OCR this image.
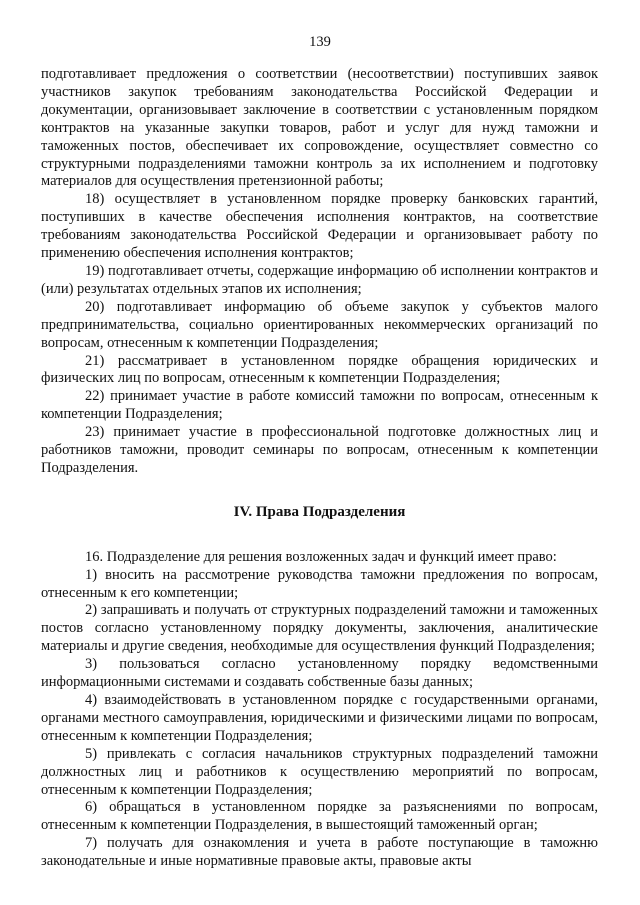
139

подготавливает предложения о соответствии (несоответствии) поступивших заявок участников закупок требованиям законодательства Российской Федерации и документации, организовывает заключение в соответствии с установленным порядком контрактов на указанные закупки товаров, работ и услуг для нужд таможни и таможенных постов, обеспечивает их сопровождение, осуществляет совместно со структурными подразделениями таможни контроль за их исполнением и подготовку материалов для осуществления претензионной работы;

18) осуществляет в установленном порядке проверку банковских гарантий, поступивших в качестве обеспечения исполнения контрактов, на соответствие требованиям законодательства Российской Федерации и организовывает работу по применению обеспечения исполнения контрактов;

19) подготавливает отчеты, содержащие информацию об исполнении контрактов и (или) результатах отдельных этапов их исполнения;

20) подготавливает информацию об объеме закупок у субъектов малого предпринимательства, социально ориентированных некоммерческих организаций по вопросам, отнесенным к компетенции Подразделения;

21) рассматривает в установленном порядке обращения юридических и физических лиц по вопросам, отнесенным к компетенции Подразделения;

22) принимает участие в работе комиссий таможни по вопросам, отнесенным к компетенции Подразделения;

23) принимает участие в профессиональной подготовке должностных лиц и работников таможни, проводит семинары по вопросам, отнесенным к компетенции Подразделения.

IV. Права Подразделения

16. Подразделение для решения возложенных задач и функций имеет право:

1) вносить на рассмотрение руководства таможни предложения по вопросам, отнесенным к его компетенции;

2) запрашивать и получать от структурных подразделений таможни и таможенных постов согласно установленному порядку документы, заключения, аналитические материалы и другие сведения, необходимые для осуществления функций Подразделения;

3) пользоваться согласно установленному порядку ведомственными информационными системами и создавать собственные базы данных;

4) взаимодействовать в установленном порядке с государственными органами, органами местного самоуправления, юридическими и физическими лицами по вопросам, отнесенным к компетенции Подразделения;

5) привлекать с согласия начальников структурных подразделений таможни должностных лиц и работников к осуществлению мероприятий по вопросам, отнесенным к компетенции Подразделения;

6) обращаться в установленном порядке за разъяснениями по вопросам, отнесенным к компетенции Подразделения, в вышестоящий таможенный орган;

7) получать для ознакомления и учета в работе поступающие в таможню законодательные и иные нормативные правовые акты, правовые акты
